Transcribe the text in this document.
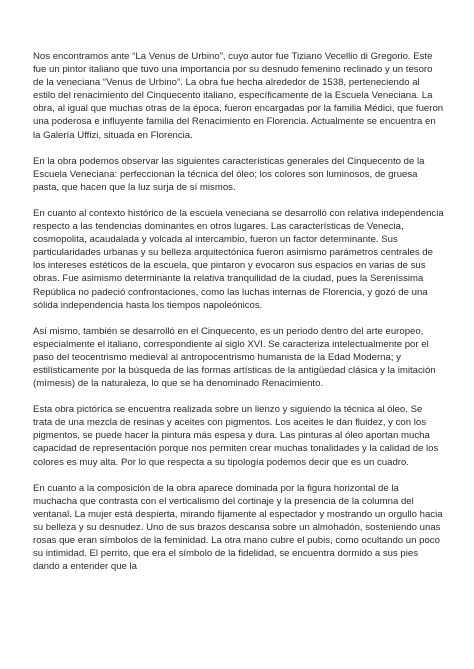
Nos encontramos ante “La Venus de Urbino”, cuyo autor fue Tiziano Vecellio di Gregorio. Este fue un pintor italiano que tuvo una importancia por su desnudo femenino reclinado y un tesoro de la veneciana “Venus de Urbino”. La obra fue hecha alrededor de 1538, perteneciendo al estilo del renacimiento del Cinquecento italiano, específicamente de la Escuela Veneciana. La obra, al igual que muchas otras de la época, fueron encargadas por la familia Médici, que fueron una poderosa e influyente familia del Renacimiento en Florencia. Actualmente se encuentra en la Galería Uffizi, situada en Florencia.

En la obra podemos observar las siguientes características generales del Cinquecento de la Escuela Veneciana: perfeccionan la técnica del óleo; los colores son luminosos, de gruesa pasta, que hacen que la luz surja de sí mismos.

En cuanto al contexto histórico de la escuela veneciana se desarrolló con relativa independencia respecto a las tendencias dominantes en otros lugares. Las características de Venecia, cosmopolita, acaudalada y volcada al intercambio, fueron un factor determinante. Sus particularidades urbanas y su belleza arquitectónica fueron asimismo parámetros centrales de los intereses estéticos de la escuela, que pintaron y evocaron sus espacios en varias de sus obras. Fue asimismo determinante la relativa tranquilidad de la ciudad, pues la Sereníssima República no padeció confrontaciones, como las luchas internas de Florencia, y gozó de una sólida independencia hasta los tiempos napoleónicos.

Así mismo, también se desarrolló en el Cinquecento, es un periodo dentro del arte europeo, especialmente el italiano, correspondiente al siglo XVI. Se caracteriza intelectualmente por el paso del teocentrismo medieval al antropocentrismo humanista de la Edad Moderna; y estilísticamente por la búsqueda de las formas artísticas de la antigüedad clásica y la imitación (mímesis) de la naturaleza, lo que se ha denominado Renacimiento.

Esta obra pictórica se encuentra realizada sobre un lienzo y siguiendo la técnica al óleo. Se trata de una mezcla de resinas y aceites con pigmentos. Los aceites le dan fluidez, y con los pigmentos, se puede hacer la pintura más espesa y dura. Las pinturas al óleo aportan mucha capacidad de representación porque nos permiten crear muchas tonalidades y la calidad de los colores es muy alta. Por lo que respecta a su tipología podemos decir que es un cuadro.

En cuanto a la composición de la obra aparece dominada por la figura horizontal de la muchacha que contrasta con el verticalismo del cortinaje y la presencia de la columna del ventanal. La mujer está despierta, mirando fijamente al espectador y mostrando un orgullo hacia su belleza y su desnudez. Uno de sus brazos descansa sobre un almohadón, sosteniendo unas rosas que eran símbolos de la feminidad. La otra mano cubre el pubis, como ocultando un poco su intimidad. El perrito, que era el símbolo de la fidelidad, se encuentra dormido a sus pies dando a entender que la
